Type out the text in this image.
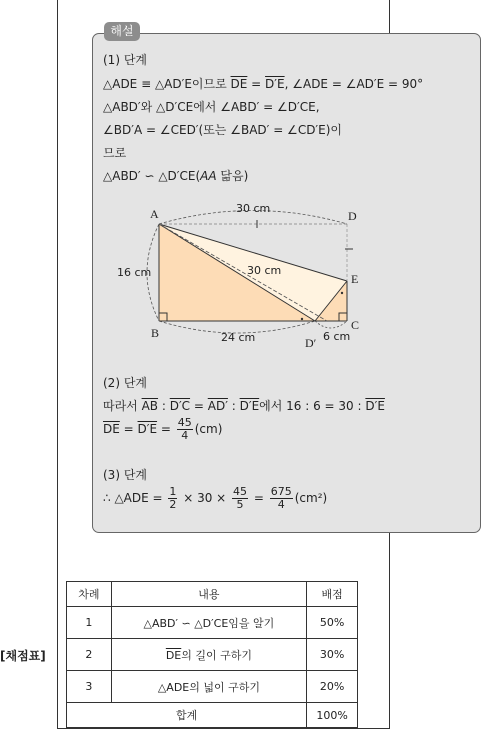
해설
(1) 단계
△ADE ≡ △AD′E이므로 $\overline{DE} = D'E$, ∠ADE = ∠AD′E = 90°
△ABD′와 △D′CE에서 ∠ABD′ = ∠D′CE,
∠BD′A = ∠CED′(또는 ∠BAD′ = ∠CD′E)이
므로
△ABD′ ∽ △D′CE(AA 닮음)
A
B
C
D
D′
E
30 cm
16 cm
24 cm
30 cm
6 cm
(2) 단계
따라서 $\overline{AB}$ : D′C = AD′ : D′E에서 16 : 6 = 30 : D′E
$\overline{DE} = D'E = \frac{45}{4} (cm)$
(3) 단계
∴ △ADE = $\frac{1}{2} \times 30 \times \frac{45}{5} = \frac{675}{4} (cm^2)$
[채점표]
차례	내용	배점
1	△ABD′ ∽ △D′CE임을 알기	50%
2	$\overline{DE}$의 길이 구하기	30%
3	△ADE의 넓이 구하기	20%
합계		100%
